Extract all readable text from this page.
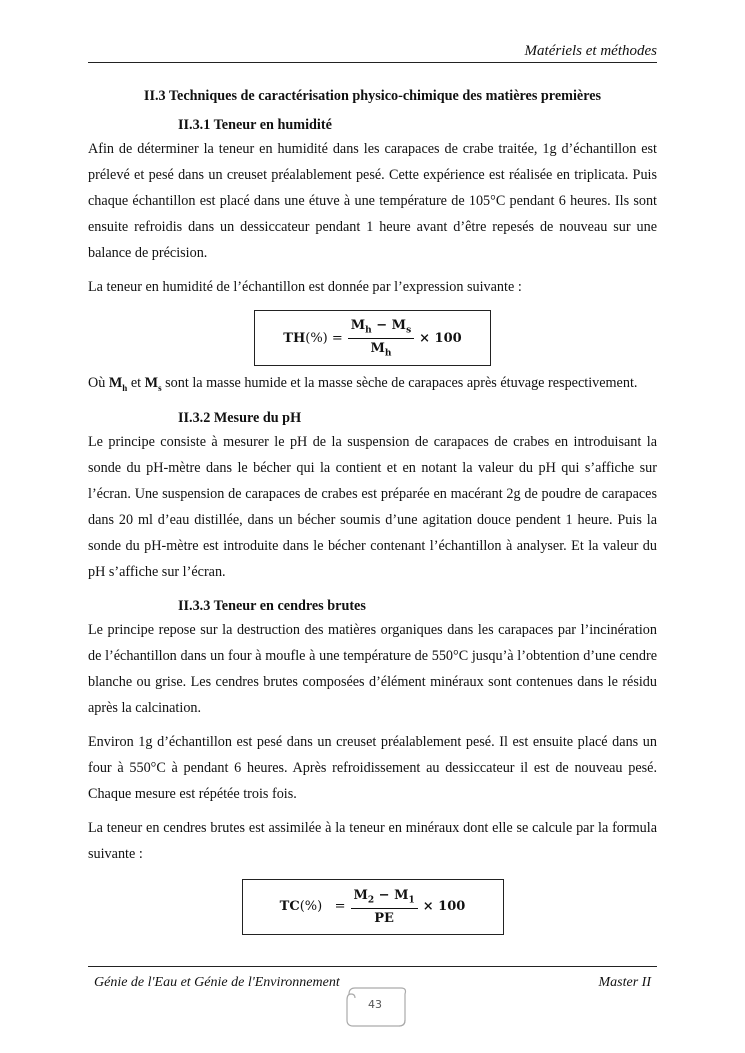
Matériels et méthodes

II.3 Techniques de caractérisation physico-chimique des matières premières

II.3.1 Teneur en humidité

Afin de déterminer la teneur en humidité dans les carapaces de crabe traitée, 1g d’échantillon est prélevé et pesé dans un creuset préalablement pesé. Cette expérience est réalisée en triplicata. Puis chaque échantillon est placé dans une étuve à une température de 105°C pendant 6 heures. Ils sont ensuite refroidis dans un dessiccateur pendant 1 heure avant d’être repesés de nouveau sur une balance de précision.

La teneur en humidité de l’échantillon est donnée par l’expression suivante :

TH (%) = $\frac{M_h - M_s}{M_h} \times 100$

Où $M_h$ et $M_s$ sont la masse humide et la masse sèche de carapaces après étuvage respectivement.

II.3.2 Mesure du pH

Le principe consiste à mesurer le pH de la suspension de carapaces de crabes en introduisant la sonde du pH-mètre dans le bécher qui la contient et en notant la valeur du pH qui s’affiche sur l’écran. Une suspension de carapaces de crabes est préparée en macérant 2g de poudre de carapaces dans 20 ml d’eau distillée, dans un bécher soumis d’une agitation douce pendent 1 heure. Puis la sonde du pH-mètre est introduite dans le bécher contenant l’échantillon à analyser. Et la valeur du pH s’affiche sur l’écran.

II.3.3 Teneur en cendres brutes

Le principe repose sur la destruction des matières organiques dans les carapaces par l’incinération de l’échantillon dans un four à moufle à une température de 550°C jusqu’à l’obtention d’une cendre blanche ou grise. Les cendres brutes composées d’élément minéraux sont contenues dans le résidu après la calcination.

Environ 1g d’échantillon est pesé dans un creuset préalablement pesé. Il est ensuite placé dans un four à 550°C à pendant 6 heures. Après refroidissement au dessiccateur il est de nouveau pesé. Chaque mesure est répétée trois fois.

La teneur en cendres brutes est assimilée à la teneur en minéraux dont elle se calcule par la formula suivante :

TC (%)   = $\frac{M_2 - M_1}{PE} \times 100$
Génie de l'Eau et Génie de l'Environnement	Master II
43
